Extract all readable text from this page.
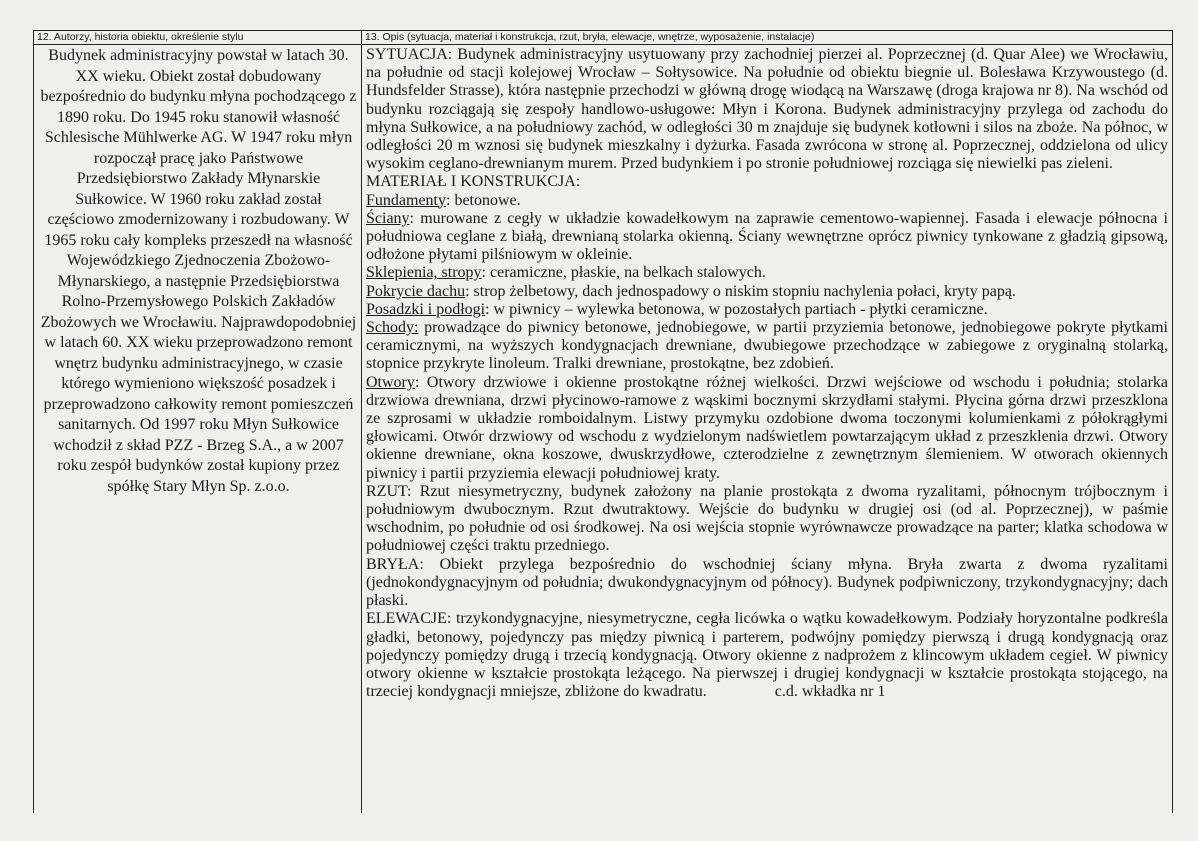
12. Autorzy, historia obiektu, określenie stylu
Budynek administracyjny powstał w latach 30. XX wieku. Obiekt został dobudowany bezpośrednio do budynku młyna pochodzącego z 1890 roku. Do 1945 roku stanowił własność Schlesische Mühlwerke AG. W 1947 roku młyn rozpoczął pracę jako Państwowe Przedsiębiorstwo Zakłady Młynarskie Sułkowice. W 1960 roku zakład został częściowo zmodernizowany i rozbudowany. W 1965 roku cały kompleks przeszedł na własność Wojewódzkiego Zjednoczenia Zbożowo-Młynarskiego, a następnie Przedsiębiorstwa Rolno-Przemysłowego Polskich Zakładów Zbożowych we Wrocławiu. Najprawdopodobniej w latach 60. XX wieku przeprowadzono remont wnętrz budynku administracyjnego, w czasie którego wymieniono większość posadzek i przeprowadzono całkowity remont pomieszczeń sanitarnych. Od 1997 roku Młyn Sułkowice wchodził z skład PZZ - Brzeg S.A., a w 2007 roku zespół budynków został kupiony przez spółkę Stary Młyn Sp. z.o.o.
13. Opis (sytuacja, materiał i konstrukcja, rzut, bryła, elewacje, wnętrze, wyposażenie, instalacje)

SYTUACJA: Budynek administracyjny usytuowany przy zachodniej pierzei al. Poprzecznej (d. Quar Alee) we Wrocławiu, na południe od stacji kolejowej Wrocław – Sołtysowice. Na południe od obiektu biegnie ul. Bolesława Krzywoustego (d. Hundsfelder Strasse), która następnie przechodzi w główną drogę wiodącą na Warszawę (droga krajowa nr 8). Na wschód od budynku rozciągają się zespoły handlowo-usługowe: Młyn i Korona. Budynek administracyjny przylega od zachodu do młyna Sułkowice, a na południowy zachód, w odległości 30 m znajduje się budynek kotłowni i silos na zboże. Na północ, w odległości 20 m wznosi się budynek mieszkalny i dyżurka. Fasada zwrócona w stronę al. Poprzecznej, oddzielona od ulicy wysokim ceglano-drewnianym murem. Przed budynkiem i po stronie południowej rozciąga się niewielki pas zieleni.

MATERIAŁ I KONSTRUKCJA:

Fundamenty: betonowe.

Ściany: murowane z cegły w układzie kowadełkowym na zaprawie cementowo-wapiennej. Fasada i elewacje północna i południowa ceglane z białą, drewnianą stolarka okienną. Ściany wewnętrzne oprócz piwnicy tynkowane z gładzią gipsową, odłożone płytami pilśniowym w okleinie.

Sklepienia, stropy: ceramiczne, płaskie, na belkach stalowych.

Pokrycie dachu: strop żelbetowy, dach jednospadowy o niskim stopniu nachylenia połaci, kryty papą.

Posadzki i podłogi: w piwnicy – wylewka betonowa, w pozostałych partiach - płytki ceramiczne.

Schody: prowadzące do piwnicy betonowe, jednobiegowe, w partii przyziemia betonowe, jednobiegowe pokryte płytkami ceramicznymi, na wyższych kondygnacjach drewniane, dwubiegowe przechodzące w zabiegowe z oryginalną stolarką, stopnice przykryte linoleum. Tralki drewniane, prostokątne, bez zdobień.

Otwory: Otwory drzwiowe i okienne prostokątne różnej wielkości. Drzwi wejściowe od wschodu i południa; stolarka drzwiowa drewniana, drzwi płycinowo-ramowe z wąskimi bocznymi skrzydłami stałymi. Płycina górna drzwi przeszklona ze szprosami w układzie romboidalnym. Listwy przymyku ozdobione dwoma toczonymi kolumienkami z półokrągłymi głowicami. Otwór drzwiowy od wschodu z wydzielonym nadświetlem powtarzającym układ z przeszklenia drzwi. Otwory okienne drewniane, okna koszowe, dwuskrzydłowe, czterodzielne z zewnętrznym ślemieniem. W otworach okiennych piwnicy i partii przyziemia elewacji południowej kraty.

RZUT: Rzut niesymetryczny, budynek założony na planie prostokąta z dwoma ryzalitami, północnym trójbocznym i południowym dwubocznym. Rzut dwutraktowy. Wejście do budynku w drugiej osi (od al. Poprzecznej), w paśmie wschodnim, po południe od osi środkowej. Na osi wejścia stopnie wyrównawcze prowadzące na parter; klatka schodowa w południowej części traktu przedniego.

BRYŁA: Obiekt przylega bezpośrednio do wschodniej ściany młyna. Bryła zwarta z dwoma ryzalitami (jednokondygnacyjnym od południa; dwukondygnacyjnym od północy). Budynek podpiwniczony, trzykondygnacyjny; dach płaski.

ELEWACJE: trzykondygnacyjne, niesymetryczne, cegła licówka o wątku kowadełkowym. Podziały horyzontalne podkreśla gładki, betonowy, pojedynczy pas między piwnicą i parterem, podwójny pomiędzy pierwszą i drugą kondygnacją oraz pojedynczy pomiędzy drugą i trzecią kondygnacją. Otwory okienne z nadprożem z klincowym układem cegieł. W piwnicy otwory okienne w kształcie prostokąta leżącego. Na pierwszej i drugiej kondygnacji w kształcie prostokąta stojącego, na trzeciej kondygnacji mniejsze, zbliżone do kwadratu.	c.d. wkładka nr 1
